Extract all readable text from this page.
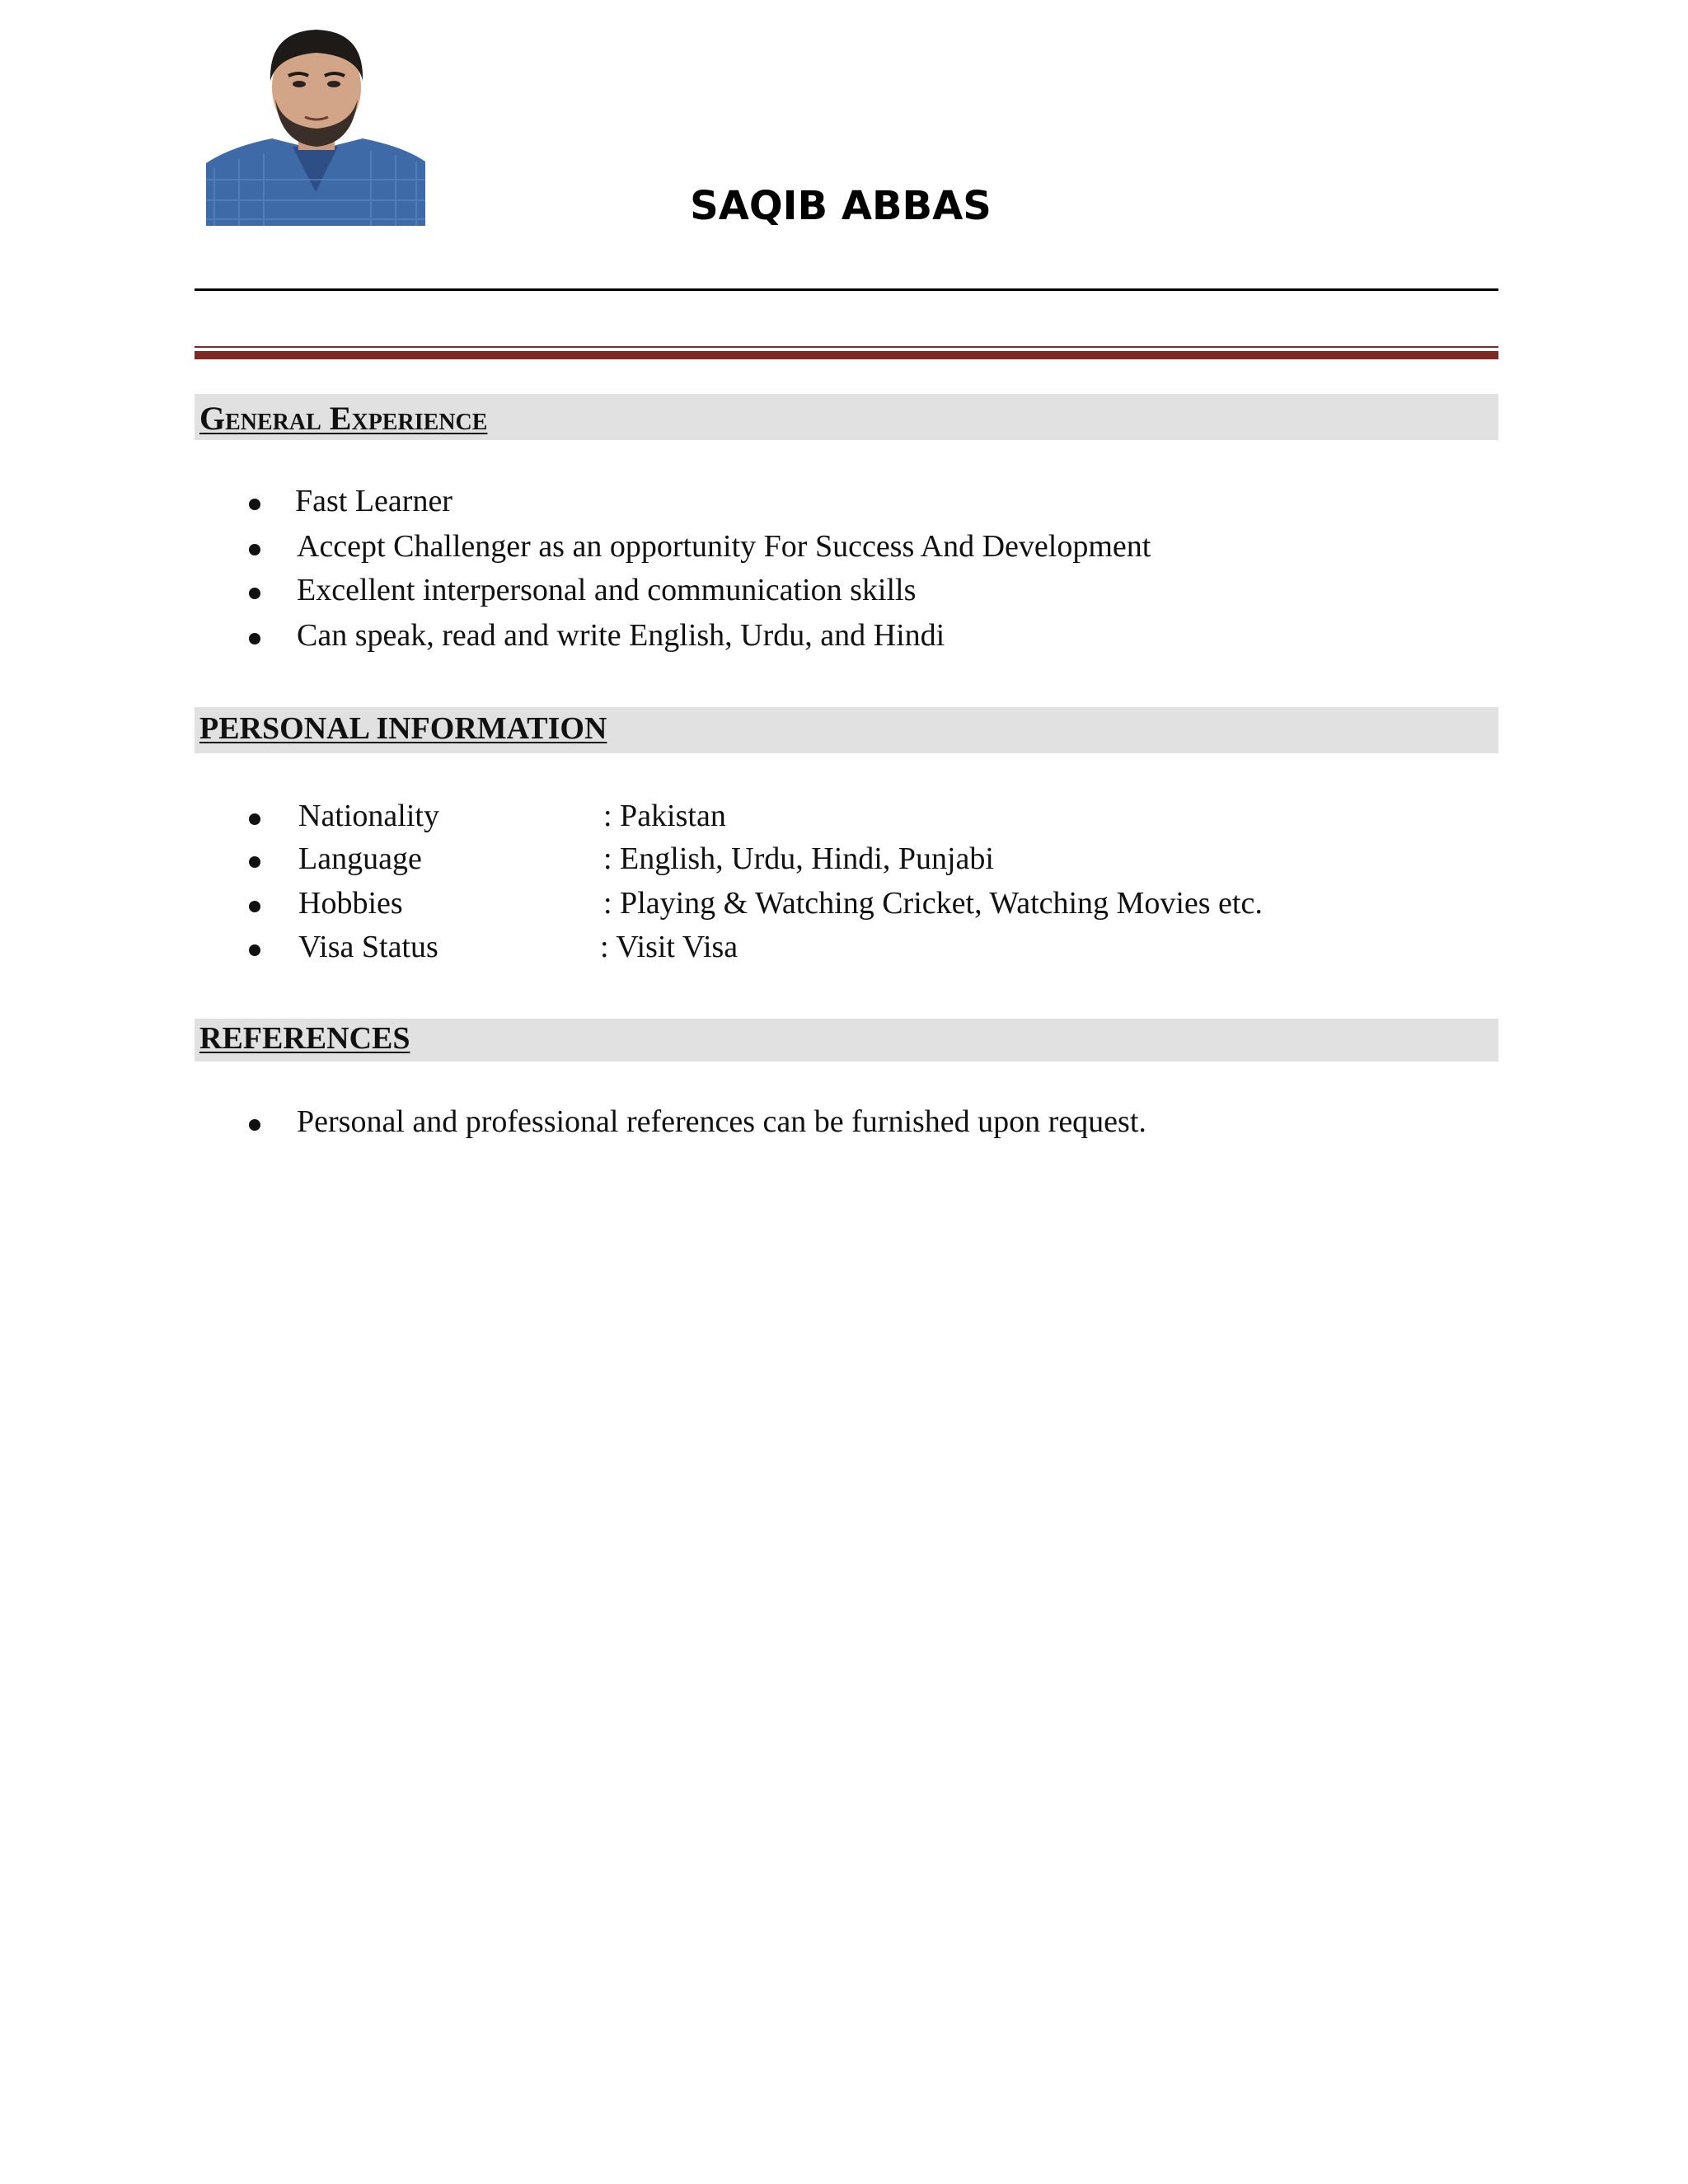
SAQIB ABBAS
General Experience
Fast Learner
Accept Challenger as an opportunity For Success And Development
Excellent interpersonal and communication skills
Can speak, read and write English, Urdu, and Hindi
PERSONAL INFORMATION
Nationality	: Pakistan
Language	: English, Urdu, Hindi, Punjabi
Hobbies	: Playing & Watching Cricket, Watching Movies etc.
Visa Status	: Visit Visa
REFERENCES
Personal and professional references can be furnished upon request.
